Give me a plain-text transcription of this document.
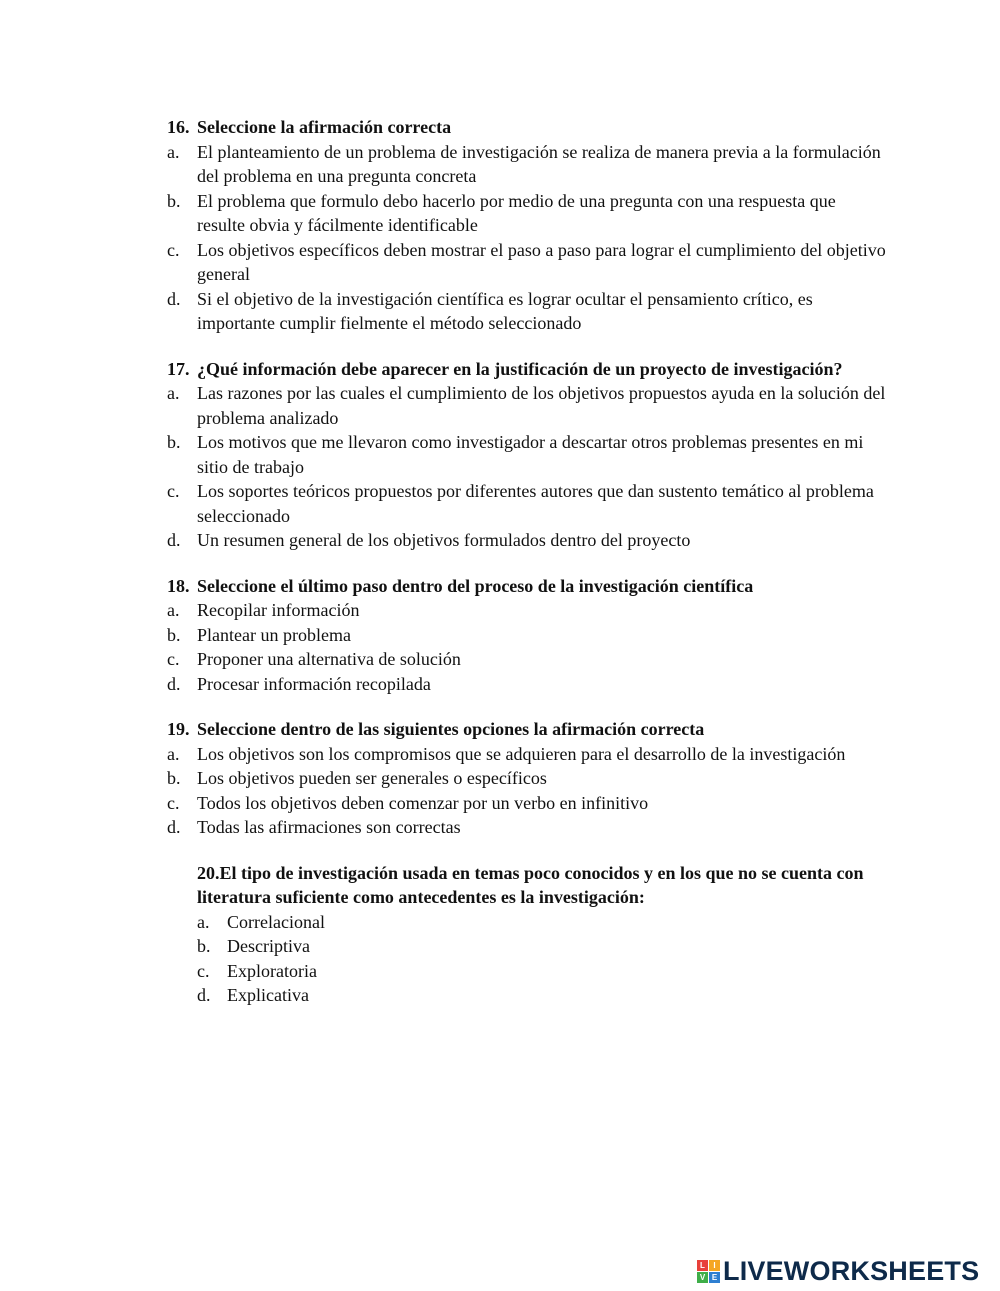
16. Seleccione la afirmación correcta
a. El planteamiento de un problema de investigación se realiza de manera previa a la formulación del problema en una pregunta concreta
b. El problema que formulo debo hacerlo por medio de una pregunta con una respuesta que resulte obvia y fácilmente identificable
c. Los objetivos específicos deben mostrar el paso a paso para lograr el cumplimiento del objetivo general
d. Si el objetivo de la investigación científica es lograr ocultar el pensamiento crítico, es importante cumplir fielmente el método seleccionado
17. ¿Qué información debe aparecer en la justificación de un proyecto de investigación?
a. Las razones por las cuales el cumplimiento de los objetivos propuestos ayuda en la solución del problema analizado
b. Los motivos que me llevaron como investigador a descartar otros problemas presentes en mi sitio de trabajo
c. Los soportes teóricos propuestos por diferentes autores que dan sustento temático al problema seleccionado
d. Un resumen general de los objetivos formulados dentro del proyecto
18. Seleccione el último paso dentro del proceso de la investigación científica
a. Recopilar información
b. Plantear un problema
c. Proponer una alternativa de solución
d. Procesar información recopilada
19. Seleccione dentro de las siguientes opciones la afirmación correcta
a. Los objetivos son los compromisos que se adquieren para el desarrollo de la investigación
b. Los objetivos pueden ser generales o específicos
c. Todos los objetivos deben comenzar por un verbo en infinitivo
d. Todas las afirmaciones son correctas
20.El tipo de investigación usada en temas poco conocidos y en los que no se cuenta con literatura suficiente como antecedentes es la investigación:
a. Correlacional
b. Descriptiva
c. Exploratoria
d. Explicativa
L	I
V E LIVEWORKSHEETS
